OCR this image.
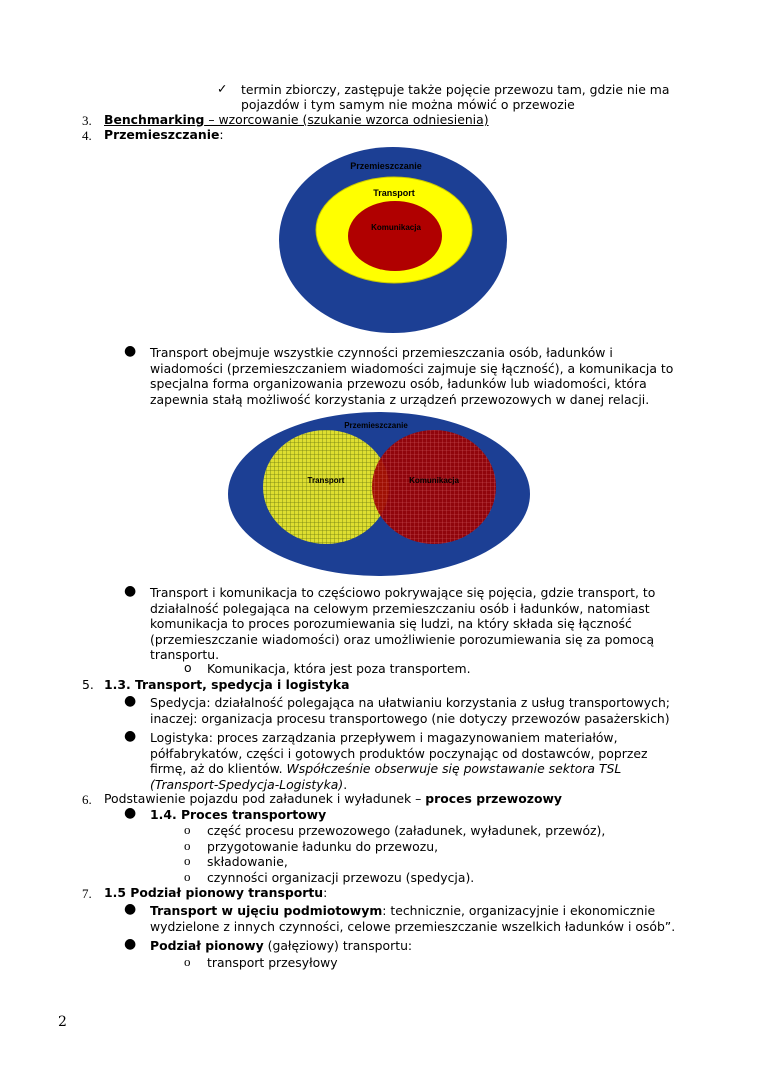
✓ termin zbiorczy, zastępuje także pojęcie przewozu tam, gdzie nie ma
pojazdów i tym samym nie można mówić o przewozie
3. Benchmarking – wzorcowanie (szukanie wzorca odniesienia)
4. Przemieszczanie:
Przemieszczanie
Transport
Komunikacja
● Transport obejmuje wszystkie czynności przemieszczania osób, ładunków i
wiadomości (przemieszczaniem wiadomości zajmuje się łączność), a komunikacja to
specjalna forma organizowania przewozu osób, ładunków lub wiadomości, która
zapewnia stałą możliwość korzystania z urządzeń przewozowych w danej relacji.
Przemieszczanie
Transport	Komunikacja
● Transport i komunikacja to częściowo pokrywające się pojęcia, gdzie transport, to
działalność polegająca na celowym przemieszczaniu osób i ładunków, natomiast
komunikacja to proces porozumiewania się ludzi, na który składa się łączność
(przemieszczanie wiadomości) oraz umożliwienie porozumiewania się za pomocą
transportu.
o Komunikacja, która jest poza transportem.
5. 1.3. Transport, spedycja i logistyka
● Spedycja: działalność polegająca na ułatwianiu korzystania z usług transportowych;
inaczej: organizacja procesu transportowego (nie dotyczy przewozów pasażerskich)
● Logistyka: proces zarządzania przepływem i magazynowaniem materiałów,
półfabrykatów, części i gotowych produktów poczynając od dostawców, poprzez
firmę, aż do klientów. Współcześnie obserwuje się powstawanie sektora TSL
(Transport-Spedycja-Logistyka).
6. Podstawienie pojazdu pod załadunek i wyładunek – proces przewozowy
● 1.4. Proces transportowy
o część procesu przewozowego (załadunek, wyładunek, przewóz),
o przygotowanie ładunku do przewozu,
o składowanie,
o czynności organizacji przewozu (spedycja).
7. 1.5 Podział pionowy transportu:
● Transport w ujęciu podmiotowym: technicznie, organizacyjnie i ekonomicznie
wydzielone z innych czynności, celowe przemieszczanie wszelkich ładunków i osób”.
● Podział pionowy (gałęziowy) transportu:
o transport przesyłowy
2
